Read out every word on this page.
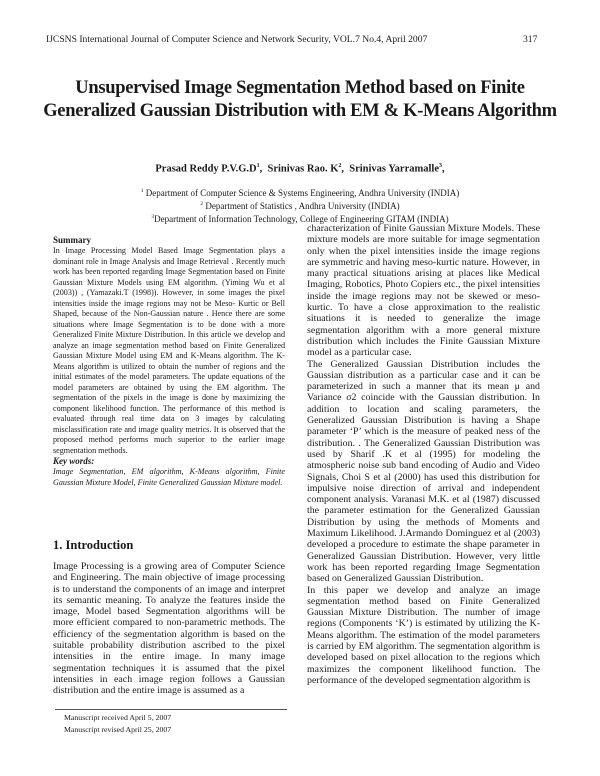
IJCSNS International Journal of Computer Science and Network Security, VOL.7 No.4, April 2007	317
Unsupervised Image Segmentation Method based on Finite Generalized Gaussian Distribution with EM & K-Means Algorithm
Prasad Reddy $P.V.G.D^1$,  Srinivas Rao. $K^2$,  Srinivas Yarramalle$^3$,
$^1$ Department of Computer Science & Systems Engineering, Andhra University (INDIA)
$^2$ Department of Statistics , Andhra University (INDIA)
$^3$Department of Information Technology, College of Engineering GITAM (INDIA)
Summary

In Image Processing Model Based Image Segmentation plays a dominant role in Image Analysis and Image Retrieval . Recently much work has been reported regarding Image Segmentation based on Finite Gaussian Mixture Models using EM algorithm. (Yiming Wu et al (2003)) , (Yamazaki.T (1998)). However, in some images the pixel intensities inside the image regions may not be Meso- Kurtic or Bell Shaped, because of the Non-Gaussian nature . Hence there are some situations where Image Segmentation is to be done with a more Generalized Finite Mixture Distribution. In this article we develop and analyze an image segmentation method based on Finite Generalized Gaussian Mixture Model using EM and K-Means algorithm. The K-Means algorithm is utilized to obtain the number of regions and the initial estimates of the model parameters. The update equations of the model parameters are obtained by using the EM algorithm. The segmentation of the pixels in the image is done by maximizing the component likelihood function. The performance of this method is evaluated through real time data on 3 images by calculating misclassification rate and image quality metrics. It is observed that the proposed method performs much superior to the earlier image segmentation methods.

Key words:

Image Segmentation, EM algorithm, K-Means algorithm, Finite Gaussian Mixture Model, Finite Generalized Gaussian Mixture model.

1. Introduction

Image Processing is a growing area of Computer Science and Engineering. The main objective of image processing is to understand the components of an image and interpret its semantic meaning. To analyze the features inside the image, Model based Segmentation algorithms will be more efficient compared to non-parametric methods. The efficiency of the segmentation algorithm is based on the suitable probability distribution ascribed to the pixel intensities in the entire image. In many image segmentation techniques it is assumed that the pixel intensities in each image region follows a Gaussian distribution and the entire image is assumed as a

characterization of Finite Gaussian Mixture Models. These mixture models are more suitable for image segmentation only when the pixel intensities inside the image regions are symmetric and having meso-kurtic nature. However, in many practical situations arising at places like Medical Imaging, Robotics, Photo Copiers etc., the pixel intensities inside the image regions may not be skewed or meso-kurtic. To have a close approximation to the realistic situations it is needed to generalize the image segmentation algorithm with a more general mixture distribution which includes the Finite Gaussian Mixture model as a particular case.

The Generalized Gaussian Distribution includes the Gaussian distribution as a particular case and it can be parameterized in such a manner that its mean μ and Variance σ2 coincide with the Gaussian distribution. In addition to location and scaling parameters, the Generalized Gaussian Distribution is having a Shape parameter ‘P’ which is the measure of peaked ness of the distribution. . The Generalized Gaussian Distribution was used by Sharif .K et al (1995) for modeling the atmospheric noise sub band encoding of Audio and Video Signals, Choi S et al (2000) has used this distribution for impulsive noise direction of arrival and independent component analysis. Varanasi M.K. et al (1987) discussed the parameter estimation for the Generalized Gaussian Distribution by using the methods of Moments and Maximum Likelihood. J.Armando Dominguez et al (2003) developed a procedure to estimate the shape parameter in Generalized Gaussian Distribution. However, very little work has been reported regarding Image Segmentation based on Generalized Gaussian Distribution.

In this paper we develop and analyze an image segmentation method based on Finite Generalized Gaussian Mixture Distribution. The number of image regions (Components ‘K’) is estimated by utilizing the K-Means algorithm. The estimation of the model parameters is carried by EM algorithm. The segmentation algorithm is developed based on pixel allocation to the regions which maximizes the component likelihood function. The performance of the developed segmentation algorithm is

Manuscript received April 5, 2007
Manuscript revised April 25, 2007
